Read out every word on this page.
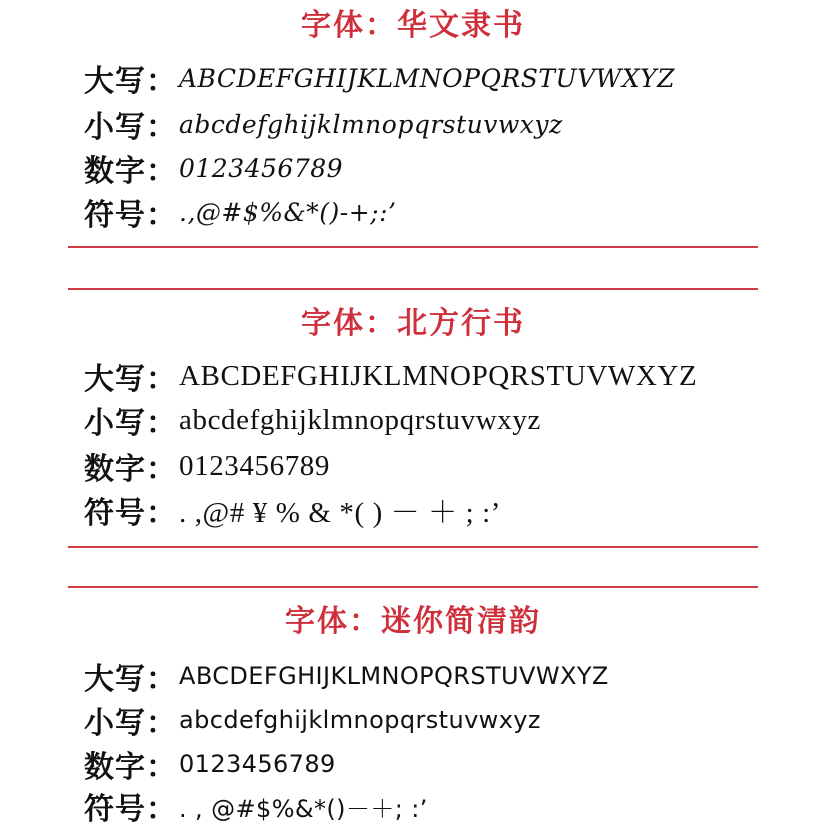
字体：华文隶书
大写： ABCDEFGHIJKLMNOPQRSTUVWXYZ
小写： abcdefghijklmnopqrstuvwxyz
数字： 0123456789
符号： .,@#$%&*()-+;:’
字体：北方行书
大写： ABCDEFGHIJKLMNOPQRSTUVWXYZ
小写： abcdefghijklmnopqrstuvwxyz
数字： 0123456789
符号： . ,@# ¥ % & *( ) － ＋ ; :’
字体：迷你简清韵
大写： ABCDEFGHIJKLMNOPQRSTUVWXYZ
小写： abcdefghijklmnopqrstuvwxyz
数字： 0123456789
符号： . , @#$%&*()－＋; :’
